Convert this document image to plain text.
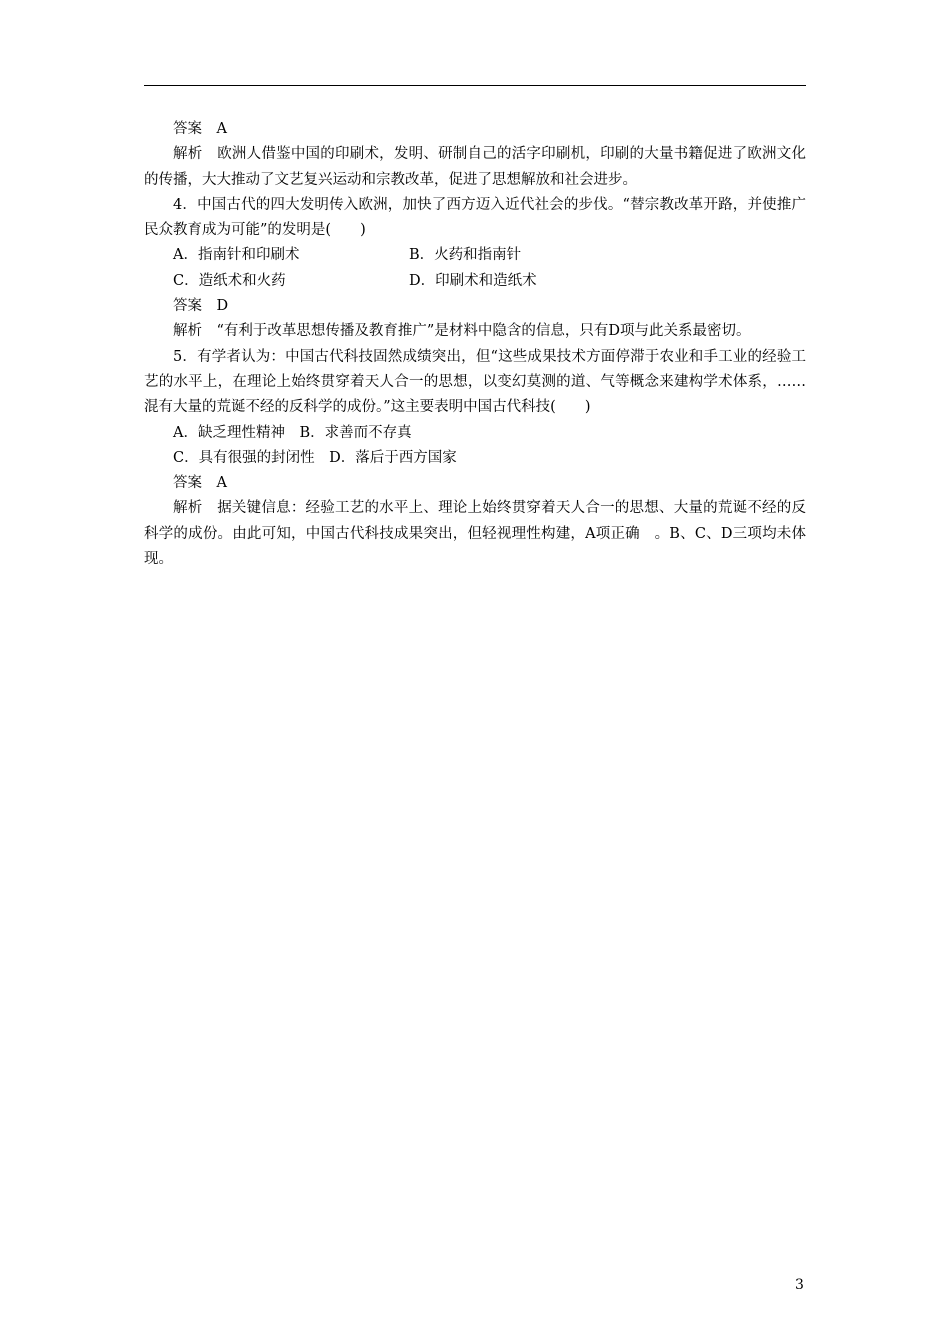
答案　 A

解析　 欧洲人借鉴中国的印刷术，发明、研制自己的活字印刷机，印刷的大量书籍促进了欧洲文化的传播，大大推动了文艺复兴运动和宗教改革，促进了思想解放和社会进步。

4．中国古代的四大发明传入欧洲，加快了西方迈入近代社会的步伐。“替宗教改革开路，并使推广民众教育成为可能”的发明是(　　)

A．指南针和印刷术	B．火药和指南针
C．造纸术和火药	D．印刷术和造纸术

答案　 D

解析　 “有利于改革思想传播及教育推广”是材料中隐含的信息，只有D项与此关系最密切。

5．有学者认为：中国古代科技固然成绩突出，但“这些成果技术方面停滞于农业和手工业的经验工艺的水平上，在理论上始终贯穿着天人合一的思想，以变幻莫测的道、气等概念来建构学术体系，……混有大量的荒诞不经的反科学的成份。”这主要表明中国古代科技(　　)

A．缺乏理性精神　 B．求善而不存真

C．具有很强的封闭性　 D．落后于西方国家

答案　 A

解析　 据关键信息：经验工艺的水平上、理论上始终贯穿着天人合一的思想、大量的荒诞不经的反科学的成份。由此可知，中国古代科技成果突出，但轻视理性构建，A项正确　。B、C、D三项均未体现。

3
